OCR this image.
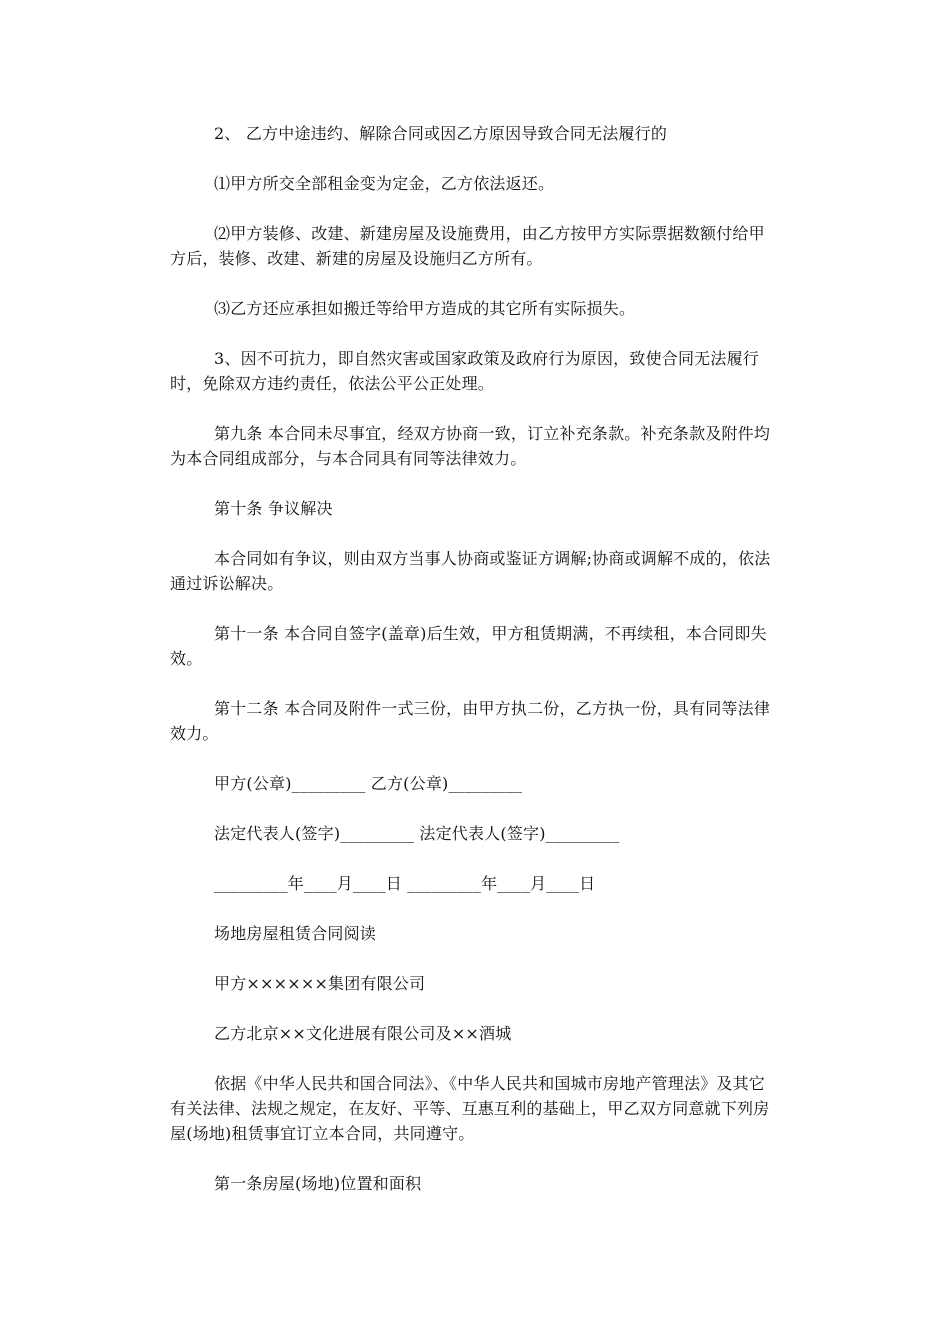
2、 乙方中途违约、解除合同或因乙方原因导致合同无法履行的

⑴甲方所交全部租金变为定金，乙方依法返还。

⑵甲方装修、改建、新建房屋及设施费用，由乙方按甲方实际票据数额付给甲方后，装修、改建、新建的房屋及设施归乙方所有。

⑶乙方还应承担如搬迁等给甲方造成的其它所有实际损失。

3、因不可抗力，即自然灾害或国家政策及政府行为原因，致使合同无法履行时，免除双方违约责任，依法公平公正处理。

第九条 本合同未尽事宜，经双方协商一致，订立补充条款。补充条款及附件均为本合同组成部分，与本合同具有同等法律效力。

第十条 争议解决

本合同如有争议，则由双方当事人协商或鉴证方调解;协商或调解不成的，依法通过诉讼解决。

第十一条 本合同自签字(盖章)后生效，甲方租赁期满，不再续租，本合同即失效。

第十二条 本合同及附件一式三份，由甲方执二份，乙方执一份，具有同等法律效力。

甲方(公章)_________ 乙方(公章)_________

法定代表人(签字)_________ 法定代表人(签字)_________

_________年____月____日 _________年____月____日

场地房屋租赁合同阅读

甲方××××××集团有限公司

乙方北京××文化进展有限公司及××酒城

依据《中华人民共和国合同法》、《中华人民共和国城市房地产管理法》及其它有关法律、法规之规定，在友好、平等、互惠互利的基础上，甲乙双方同意就下列房屋(场地)租赁事宜订立本合同，共同遵守。

第一条房屋(场地)位置和面积
